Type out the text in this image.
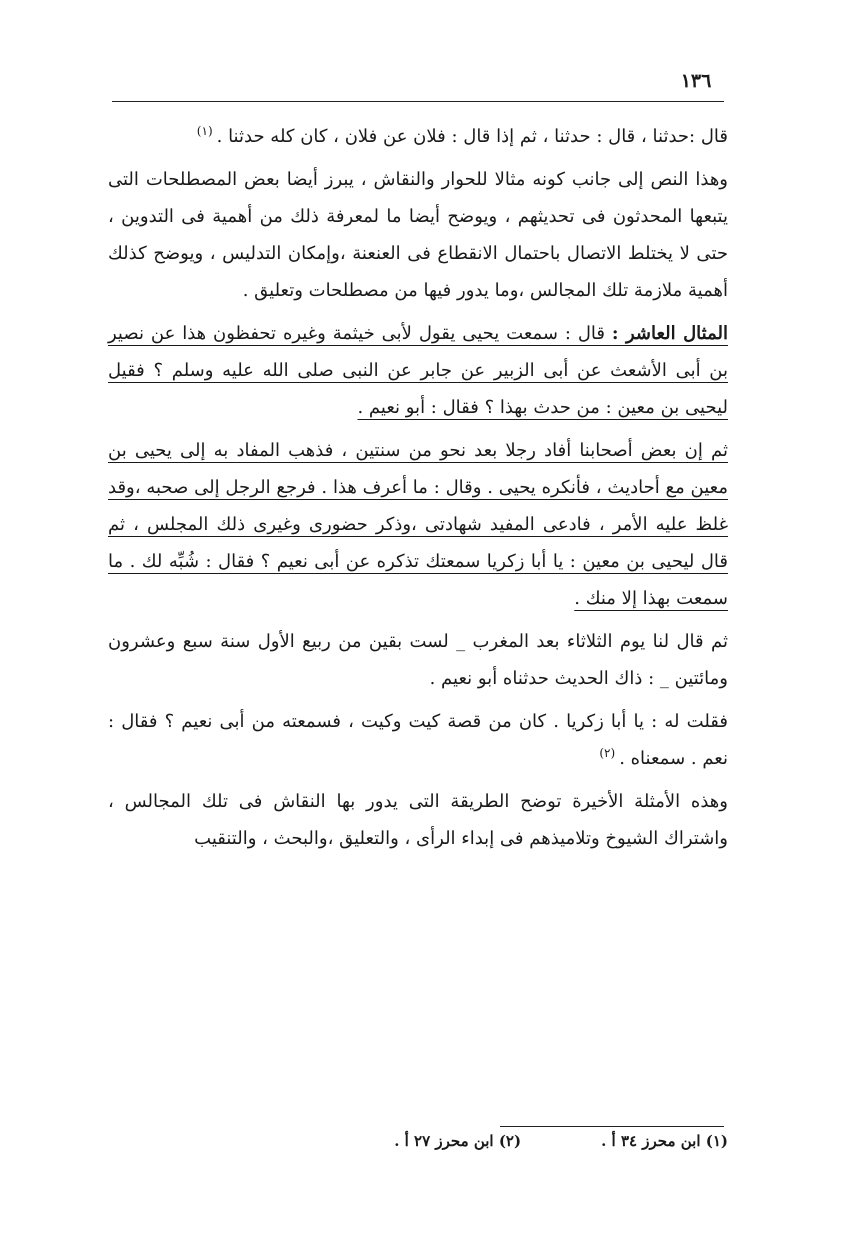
١٣٦

قال :حدثنا ، قال : حدثنا ، ثم إذا قال : فلان عن فلان ، كان كله حدثنا .$^{(١)}$

وهذا النص إلى جانب كونه مثالا للحوار والنقاش ، يبرز أيضا بعض المصطلحات التى يتبعها المحدثون فى تحديثهم ، ويوضح أيضا ما لمعرفة ذلك من أهمية فى التدوين ، حتى لا يختلط الاتصال باحتمال الانقطاع فى العنعنة ،وإمكان التدليس ، ويوضح كذلك أهمية ملازمة تلك المجالس ،وما يدور فيها من مصطلحات وتعليق .

المثال العاشر : قال : سمعت يحيى يقول لأبى خيثمة وغيره تحفظون هذا عن نصير بن أبى الأشعث عن أبى الزبير عن جابر عن النبى صلى الله عليه وسلم ؟ فقيل ليحيى بن معين : من حدث بهذا ؟ فقال : أبو نعيم .

ثم إن بعض أصحابنا أفاد رجلا بعد نحو من سنتين ، فذهب المفاد به إلى يحيى بن معين مع أحاديث ، فأنكره يحيى . وقال : ما أعرف هذا . فرجع الرجل إلى صحبه ،وقد غلظ عليه الأمر ، فادعى المفيد شهادتى ،وذكر حضورى وغيرى ذلك المجلس ، ثم قال ليحيى بن معين : يا أبا زكريا سمعتك تذكره عن أبى نعيم ؟ فقال : شُبِّه لك . ما سمعت بهذا إلا منك .

ثم قال لنا يوم الثلاثاء بعد المغرب _ لست بقين من ربيع الأول سنة سبع وعشرون ومائتين _ : ذاك الحديث حدثناه أبو نعيم .

فقلت له : يا أبا زكريا . كان من قصة كيت وكيت ، فسمعته من أبى نعيم ؟ فقال : نعم . سمعناه .$^{(٢)}$

وهذه الأمثلة الأخيرة توضح الطريقة التى يدور بها النقاش فى تلك المجالس ، واشتراك الشيوخ وتلاميذهم فى إبداء الرأى ، والتعليق ،والبحث ، والتنقيب

(١) ابن محرز ٣٤ أ .
(٢) ابن محرز ٢٧ أ .
